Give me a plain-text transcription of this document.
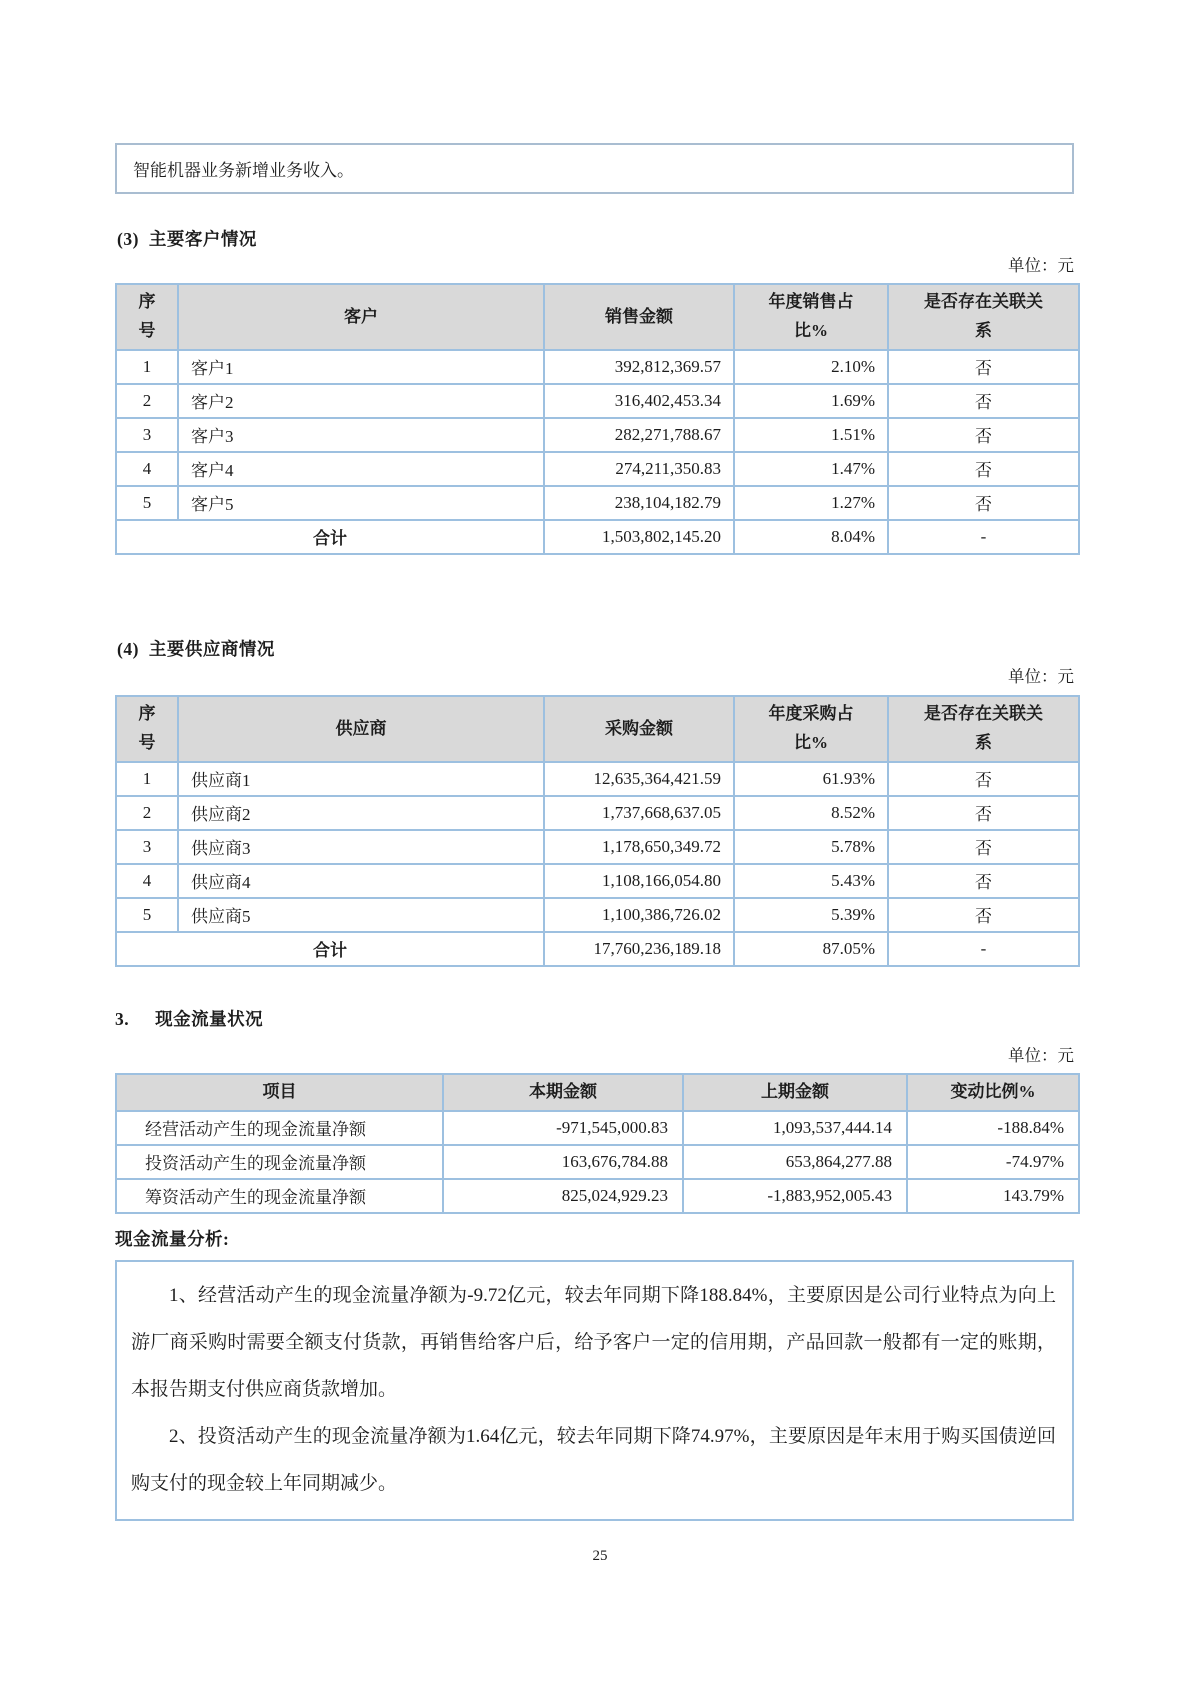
智能机器业务新增业务收入。
(3) 主要客户情况
单位：元
序号	客户	销售金额	年度销售占比%	是否存在关联关系
1	客户1	392,812,369.57	2.10%	否
2	客户2	316,402,453.34	1.69%	否
3	客户3	282,271,788.67	1.51%	否
4	客户4	274,211,350.83	1.47%	否
5	客户5	238,104,182.79	1.27%	否
合计		1,503,802,145.20	8.04%	-
(4) 主要供应商情况
单位：元
序号	供应商	采购金额	年度采购占比%	是否存在关联关系
1	供应商1	12,635,364,421.59	61.93%	否
2	供应商2	1,737,668,637.05	8.52%	否
3	供应商3	1,178,650,349.72	5.78%	否
4	供应商4	1,108,166,054.80	5.43%	否
5	供应商5	1,100,386,726.02	5.39%	否
合计		17,760,236,189.18	87.05%	-
3. 现金流量状况
单位：元
项目	本期金额	上期金额	变动比例%
经营活动产生的现金流量净额	-971,545,000.83	1,093,537,444.14	-188.84%
投资活动产生的现金流量净额	163,676,784.88	653,864,277.88	-74.97%
筹资活动产生的现金流量净额	825,024,929.23	-1,883,952,005.43	143.79%
现金流量分析:

1、经营活动产生的现金流量净额为-9.72亿元，较去年同期下降188.84%，主要原因是公司行业特点为向上游厂商采购时需要全额支付货款，再销售给客户后，给予客户一定的信用期，产品回款一般都有一定的账期，本报告期支付供应商货款增加。

2、投资活动产生的现金流量净额为1.64亿元，较去年同期下降74.97%，主要原因是年末用于购买国债逆回购支付的现金较上年同期减少。

25
